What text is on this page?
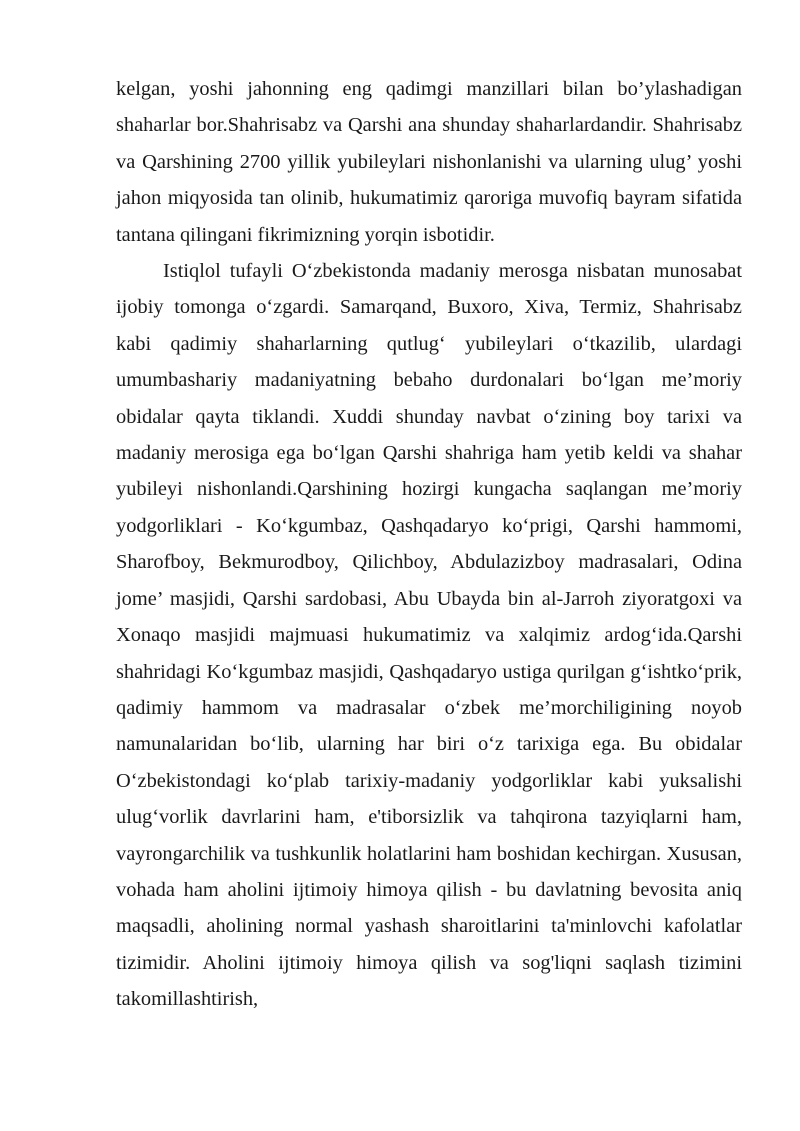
kelgan, yoshi jahonning eng qadimgi manzillari bilan bo’ylashadigan shaharlar bor.Shahrisabz va Qarshi ana shunday shaharlardandir. Shahrisabz va Qarshining 2700 yillik yubileylari nishonlanishi va ularning ulug’ yoshi jahon miqyosida tan olinib, hukumatimiz qaroriga muvofiq bayram sifatida tantana qilingani fikrimizning yorqin isbotidir.

Istiqlol tufayli O‘zbekistonda madaniy merosga nisbatan munosabat ijobiy tomonga o‘zgardi. Samarqand, Buxoro, Xiva, Termiz, Shahrisabz kabi qadimiy shaharlarning qutlug‘ yubileylari o‘tkazilib, ulardagi umumbashariy madaniyatning bebaho durdonalari bo‘lgan me’moriy obidalar qayta tiklandi. Xuddi shunday navbat o‘zining boy tarixi va madaniy merosiga ega bo‘lgan Qarshi shahriga ham yetib keldi va shahar yubileyi nishonlandi.Qarshining hozirgi kungacha saqlangan me’moriy yodgorliklari - Ko‘kgumbaz, Qashqadaryo ko‘prigi, Qarshi hammomi, Sharofboy, Bekmurodboy, Qilichboy, Abdulazizboy madrasalari, Odina jome’ masjidi, Qarshi sardobasi, Abu Ubayda bin al-Jarroh ziyoratgoxi va Xonaqo masjidi majmuasi hukumatimiz va xalqimiz ardog‘ida.Qarshi shahridagi Ko‘kgumbaz masjidi, Qashqadaryo ustiga qurilgan g‘ishtko‘prik, qadimiy hammom va madrasalar o‘zbek me’morchiligining noyob namunalaridan bo‘lib, ularning har biri o‘z tarixiga ega. Bu obidalar O‘zbekistondagi ko‘plab tarixiy-madaniy yodgorliklar kabi yuksalishi ulug‘vorlik davrlarini ham, e'tiborsizlik va tahqirona tazyiqlarni ham, vayrongarchilik va tushkunlik holatlarini ham boshidan kechirgan. Xususan, vohada ham aholini ijtimoiy himoya qilish - bu davlatning bevosita aniq maqsadli, aholining normal yashash sharoitlarini ta'minlovchi kafolatlar tizimidir. Aholini ijtimoiy himoya qilish va sog'liqni saqlash tizimini takomillashtirish,
